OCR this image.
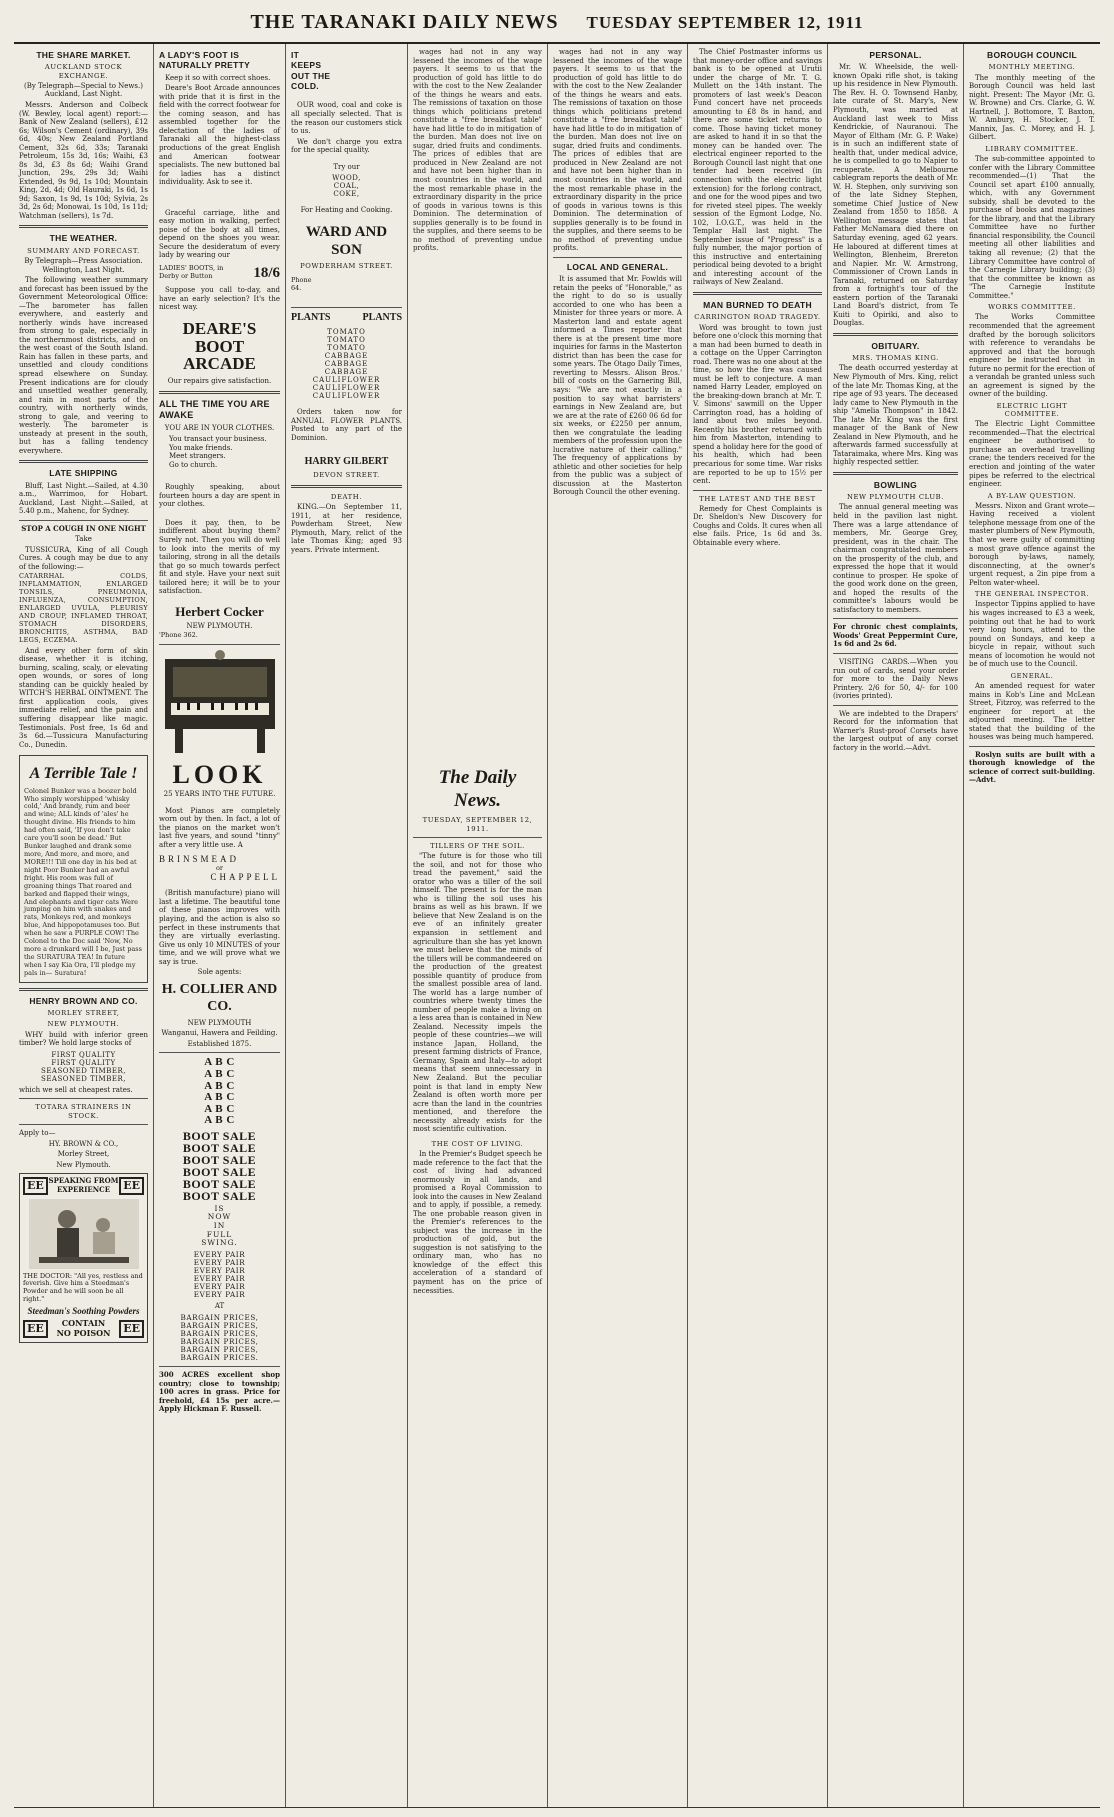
THE TARANAKI DAILY NEWS TUESDAY SEPTEMBER 12, 1911
THE SHARE MARKET.
AUCKLAND STOCK EXCHANGE.
(By Telegraph—Special to News.) Auckland, Last Night.

Messrs. Anderson and Colbeck (W. Bewley, local agent) report:—Bank of New Zealand (sellers), £12 6s; Wilson's Cement (ordinary), 39s 6d, 40s; New Zealand Portland Cement, 32s 6d, 33s; Taranaki Petroleum, 15s 3d, 16s; Waihi, £3 8s 3d, £3 8s 6d; Waihi Grand Junction, 29s, 29s 3d; Waihi Extended, 9s 9d, 1s 10d; Mountain King, 2d, 4d; Old Hauraki, 1s 6d, 1s 9d; Saxon, 1s 9d, 1s 10d; Sylvia, 2s 3d, 2s 6d; Monowai, 1s 10d, 1s 11d; Watchman (sellers), 1s 7d.

THE WEATHER.
SUMMARY AND FORECAST.
By Telegraph—Press Association. Wellington, Last Night.

The following weather summary and forecast has been issued by the Government Meteorological Office:—The barometer has fallen everywhere, and easterly and northerly winds have increased from strong to gale, especially in the northernmost districts, and on the west coast of the South Island. Rain has fallen in these parts, and unsettled and cloudy conditions spread elsewhere on Sunday. Present indications are for cloudy and unsettled weather generally, and rain in most parts of the country, with northerly winds, strong to gale, and veering to westerly. The barometer is unsteady at present in the south, but has a falling tendency everywhere.

LATE SHIPPING

Bluff, Last Night.—Sailed, at 4.30 a.m., Warrimoo, for Hobart. Auckland, Last Night.—Sailed, at 5.40 p.m., Mahenc, for Sydney.

STOP A COUGH IN ONE NIGHT
Take

TUSSICURA, King of all Cough Cures. A cough may be due to any of the following:—

CATARRHAL COLDS, INFLAMMATION, ENLARGED TONSILS, PNEUMONIA, INFLUENZA, CONSUMPTION, ENLARGED UVULA, PLEURISY AND CROUP, INFLAMED THROAT, STOMACH DISORDERS, BRONCHITIS, ASTHMA, BAD LEGS, ECZEMA.

And every other form of skin disease, whether it is itching, burning, scaling, scaly, or elevating open wounds, or sores of long standing can be quickly healed by WITCH'S HERBAL OINTMENT. The first application cools, gives immediate relief, and the pain and suffering disappear like magic. Testimonials. Post free, 1s 6d and 3s 6d.—Tussicura Manufacturing Co., Dunedin.

A Terrible Tale !
Colonel Bunker was a boozer bold Who simply worshipped 'whisky cold,' And brandy, rum and beer and wine; ALL kinds of 'ales' he thought divine. His friends to him had often said, 'If you don't take care you'll soon be dead.' But Bunker laughed and drank some more, And more, and more, and MORE!!! Till one day in his bed at night Poor Bunker had an awful fright. His room was full of groaning things That roared and barked and flapped their wings, And elephants and tiger cats Were jumping on him with snakes and rats, Monkeys red, and monkeys blue, And hippopotamuses too. But when he saw a PURPLE COW! The Colonel to the Doc said 'Now, No more a drunkard will I be, Just pass the SURATURA TEA! In future when I say Kia Ora, I'll pledge my pals in— Suratura!
HENRY BROWN AND CO.
MORLEY STREET,
NEW PLYMOUTH.

WHY build with inferior green timber? We hold large stocks of

FIRST QUALITY
FIRST QUALITY
SEASONED TIMBER,
SEASONED TIMBER,

which we sell at cheapest rates.

TOTARA STRAINERS IN STOCK.

Apply to—

HY. BROWN & CO.,
Morley Street,
New Plymouth.
EE SPEAKING FROM EXPERIENCE	EE
THE DOCTOR: "All yes, restless and feverish. Give him a Steedman's Powder and he will soon be all right."
Steedman's Soothing Powders
EE	CONTAIN NO POISON	EE
A LADY'S FOOT IS NATURALLY PRETTY

Keep it so with correct shoes.

Deare's Boot Arcade announces with pride that it is first in the field with the correct footwear for the coming season, and has assembled together for the delectation of the ladies of Taranaki all the highest-class productions of the great English and American footwear specialists. The new buttoned bal for ladies has a distinct individuality. Ask to see it.

Graceful carriage, lithe and easy motion in walking, perfect poise of the body at all times, depend on the shoes you wear. Secure the desideratum of every lady by wearing our

LADIES' BOOTS, in Derby or Button	18/6

Suppose you call to-day, and have an early selection? It's the nicest way.

DEARE'S BOOT ARCADE
Our repairs give satisfaction.
ALL THE TIME YOU ARE AWAKE
YOU ARE IN YOUR CLOTHES.
You transact your business.
You make friends.
Meet strangers.
Go to church.

Roughly speaking, about fourteen hours a day are spent in your clothes.

Does it pay, then, to be indifferent about buying them? Surely not. Then you will do well to look into the merits of my tailoring, strong in all the details that go so much towards perfect fit and style. Have your next suit tailored here; it will be to your satisfaction.

Herbert Cocker
NEW PLYMOUTH.
'Phone 362.
LOOK
25 YEARS INTO THE FUTURE.

Most Pianos are completely worn out by then. In fact, a lot of the pianos on the market won't last five years, and sound "tinny" after a very little use. A

BRINSMEAD
or
CHAPPELL

(British manufacture) piano will last a lifetime. The beautiful tone of these pianos improves with playing, and the action is also so perfect in these instruments that they are virtually everlasting. Give us only 10 MINUTES of your time, and we will prove what we say is true.

Sole agents:
H. COLLIER AND CO.
NEW PLYMOUTH
Wanganui, Hawera and Feilding.
Established 1875.
A B C
A B C
A B C
A B C
A B C
A B C
BOOT SALE
BOOT SALE
BOOT SALE
BOOT SALE
BOOT SALE
BOOT SALE
IS
NOW
IN
FULL
SWING.
EVERY PAIR
EVERY PAIR
EVERY PAIR
EVERY PAIR
EVERY PAIR
EVERY PAIR
AT
BARGAIN PRICES,
BARGAIN PRICES,
BARGAIN PRICES,
BARGAIN PRICES,
BARGAIN PRICES,
BARGAIN PRICES.

300 ACRES excellent shop country; close to township; 100 acres in grass. Price for freehold, £4 15s per acre.—Apply Hickman F. Russell.

IT KEEPS OUT THE COLD.

OUR wood, coal and coke is all specially selected. That is the reason our customers stick to us.

We don't charge you extra for the special quality.

Try our
WOOD,
COAL,
COKE,
For Heating and Cooking.
WARD AND SON
POWDERHAM STREET.
Phone 64.
PLANTS	PLANTS
TOMATO
TOMATO
TOMATO
CABBAGE
CABBAGE
CABBAGE
CAULIFLOWER
CAULIFLOWER
CAULIFLOWER

Orders taken now for ANNUAL FLOWER PLANTS. Posted to any part of the Dominion.

HARRY GILBERT
DEVON STREET.
DEATH.

KING.—On September 11, 1911, at her residence, Powderham Street, New Plymouth, Mary, relict of the late Thomas King; aged 93 years. Private interment.

wages had not in any way lessened the incomes of the wage payers. It seems to us that the production of gold has little to do with the cost to the New Zealander of the things he wears and eats. The remissions of taxation on those things which politicians pretend constitute a "free breakfast table" have had little to do in mitigation of the burden. Man does not live on sugar, dried fruits and condiments. The prices of edibles that are produced in New Zealand are not and have not been higher than in most countries in the world, and the most remarkable phase in the extraordinary disparity in the price of goods in various towns is this Dominion. The determination of supplies generally is to be found in the supplies, and there seems to be no method of preventing undue profits.
The Daily News.
TUESDAY, SEPTEMBER 12, 1911.
TILLERS OF THE SOIL.

"The future is for those who till the soil, and not for those who tread the pavement," said the orator who was a tiller of the soil himself. The present is for the man who is tilling the soil uses his brains as well as his brawn. If we believe that New Zealand is on the eve of an infinitely greater expansion in settlement and agriculture than she has yet known we must believe that the minds of the tillers will be commandeered on the production of the greatest possible quantity of produce from the smallest possible area of land. The world has a large number of countries where twenty times the number of people make a living on a less area than is contained in New Zealand. Necessity impels the people of these countries—we will instance Japan, Holland, the present farming districts of France, Germany, Spain and Italy—to adopt means that seem unnecessary in New Zealand. But the peculiar point is that land in empty New Zealand is often worth more per acre than the land in the countries mentioned, and therefore the necessity already exists for the most scientific cultivation.

THE COST OF LIVING.

In the Premier's Budget speech he made reference to the fact that the cost of living had advanced enormously in all lands, and promised a Royal Commission to look into the causes in New Zealand and to apply, if possible, a remedy. The one probable reason given in the Premier's references to the subject was the increase in the production of gold, but the suggestion is not satisfying to the ordinary man, who has no knowledge of the effect this acceleration of a standard of payment has on the price of necessities.

wages had not in any way lessened the incomes of the wage payers. It seems to us that the production of gold has little to do with the cost to the New Zealander of the things he wears and eats. The remissions of taxation on those things which politicians pretend constitute a "free breakfast table" have had little to do in mitigation of the burden. Man does not live on sugar, dried fruits and condiments. The prices of edibles that are produced in New Zealand are not and have not been higher than in most countries in the world, and the most remarkable phase in the extraordinary disparity in the price of goods in various towns is this Dominion. The determination of supplies generally is to be found in the supplies, and there seems to be no method of preventing undue profits.

LOCAL AND GENERAL.

It is assumed that Mr. Fowlds will retain the peeks of "Honorable," as the right to do so is usually accorded to one who has been a Minister for three years or more. A Masterton land and estate agent informed a Times reporter that there is at the present time more inquiries for farms in the Masterton district than has been the case for some years. The Otago Daily Times, reverting to Messrs. Alison Bros.' bill of costs on the Garnering Bill, says: "We are not exactly in a position to say what barristers' earnings in New Zealand are, but we are at the rate of £260 06 6d for six weeks, or £2250 per annum, then we congratulate the leading members of the profession upon the lucrative nature of their calling." The frequency of applications by athletic and other societies for help from the public was a subject of discussion at the Masterton Borough Council the other evening.

The Chief Postmaster informs us that money-order office and savings bank is to be opened at Urutii under the charge of Mr. T. G. Mullett on the 14th instant. The promoters of last week's Deacon Fund concert have net proceeds amounting to £8 8s in hand, and there are some ticket returns to come. Those having ticket money are asked to hand it in so that the money can be handed over. The electrical engineer reported to the Borough Council last night that one tender had been received (in connection with the electric light extension) for the forlong contract, and one for the wood pipes and two for riveted steel pipes. The weekly session of the Egmont Lodge, No. 102, I.O.G.T., was held in the Templar Hall last night. The September issue of "Progress" is a fully number, the major portion of this instructive and entertaining periodical being devoted to a bright and interesting account of the railways of New Zealand.

MAN BURNED TO DEATH
CARRINGTON ROAD TRAGEDY.

Word was brought to town just before one o'clock this morning that a man had been burned to death in a cottage on the Upper Carrington road. There was no one about at the time, so how the fire was caused must be left to conjecture. A man named Harry Leader, employed on the breaking-down branch at Mr. T. V. Simons' sawmill on the Upper Carrington road, has a holding of land about two miles beyond. Recently his brother returned with him from Masterton, intending to spend a holiday here for the good of his health, which had been precarious for some time. War risks are reported to be up to 15½ per cent.

THE LATEST AND THE BEST

Remedy for Chest Complaints is Dr. Sheldon's New Discovery for Coughs and Colds. It cures when all else fails. Price, 1s 6d and 3s. Obtainable every where.

PERSONAL.

Mr. W. Wheelside, the well-known Opaki rifle shot, is taking up his residence in New Plymouth. The Rev. H. O. Townsend Hanby, late curate of St. Mary's, New Plymouth, was married at Auckland last week to Miss Kendrickie, of Nauranoui. The Mayor of Eltham (Mr. G. P. Wake) is in such an indifferent state of health that, under medical advice, he is compelled to go to Napier to recuperate. A Melbourne cablegram reports the death of Mr. W. H. Stephen, only surviving son of the late Sidney Stephen, sometime Chief Justice of New Zealand from 1850 to 1858. A Wellington message states that Father McNamara died there on Saturday evening, aged 62 years. He laboured at different times at Wellington, Blenheim, Brereton and Napier. Mr. W. Armstrong, Commissioner of Crown Lands in Taranaki, returned on Saturday from a fortnight's tour of the eastern portion of the Taranaki Land Board's district, from Te Kuiti to Opiriki, and also to Douglas.

OBITUARY.
MRS. THOMAS KING.

The death occurred yesterday at New Plymouth of Mrs. King, relict of the late Mr. Thomas King, at the ripe age of 93 years. The deceased lady came to New Plymouth in the ship "Amelia Thompson" in 1842. The late Mr. King was the first manager of the Bank of New Zealand in New Plymouth, and he afterwards farmed successfully at Tataraimaka, where Mrs. King was highly respected settler.

BOWLING
NEW PLYMOUTH CLUB.

The annual general meeting was held in the pavilion last night. There was a large attendance of members, Mr. George Grey, president, was in the chair. The chairman congratulated members on the prosperity of the club, and expressed the hope that it would continue to prosper. He spoke of the good work done on the green, and hoped the results of the committee's labours would be satisfactory to members.

For chronic chest complaints, Woods' Great Peppermint Cure, 1s 6d and 2s 6d.

VISITING CARDS.—When you run out of cards, send your order for more to the Daily News Printery. 2/6 for 50, 4/- for 100 (ivories printed).

We are indebted to the Drapers' Record for the information that Warner's Rust-proof Corsets have the largest output of any corset factory in the world.—Advt.

BOROUGH COUNCIL
MONTHLY MEETING.

The monthly meeting of the Borough Council was held last night. Present: The Mayor (Mr. G. W. Browne) and Crs. Clarke, G. W. Hartnell, J. Bottomore, T. Baxton, W. Ambury, H. Stocker, J. T. Mannix, Jas. C. Morey, and H. J. Gilbert.

LIBRARY COMMITTEE.

The sub-committee appointed to confer with the Library Committee recommended—(1) That the Council set apart £100 annually, which, with any Government subsidy, shall be devoted to the purchase of books and magazines for the library, and that the Library Committee have no further financial responsibility, the Council meeting all other liabilities and taking all revenue; (2) that the Library Committee have control of the Carnegie Library building; (3) that the committee be known as "The Carnegie Institute Committee."

WORKS COMMITTEE.

The Works Committee recommended that the agreement drafted by the borough solicitors with reference to verandahs be approved and that the borough engineer be instructed that in future no permit for the erection of a verandah be granted unless such an agreement is signed by the owner of the building.

ELECTRIC LIGHT COMMITTEE.

The Electric Light Committee recommended—That the electrical engineer be authorised to purchase an overhead travelling crane; the tenders received for the erection and jointing of the water pipes be referred to the electrical engineer.

A BY-LAW QUESTION.

Messrs. Nixon and Grant wrote—Having received a violent telephone message from one of the master plumbers of New Plymouth, that we were guilty of committing a most grave offence against the borough by-laws, namely, disconnecting, at the owner's urgent request, a 2in pipe from a Pelton water-wheel.

THE GENERAL INSPECTOR.

Inspector Tippins applied to have his wages increased to £3 a week, pointing out that he had to work very long hours, attend to the pound on Sundays, and keep a bicycle in repair, without such means of locomotion he would not be of much use to the Council.

GENERAL.

An amended request for water mains in Kob's Line and McLean Street, Fitzroy, was referred to the engineer for report at the adjourned meeting. The letter stated that the building of the houses was being much hampered.

Roslyn suits are built with a thorough knowledge of the science of correct suit-building.—Advt.
